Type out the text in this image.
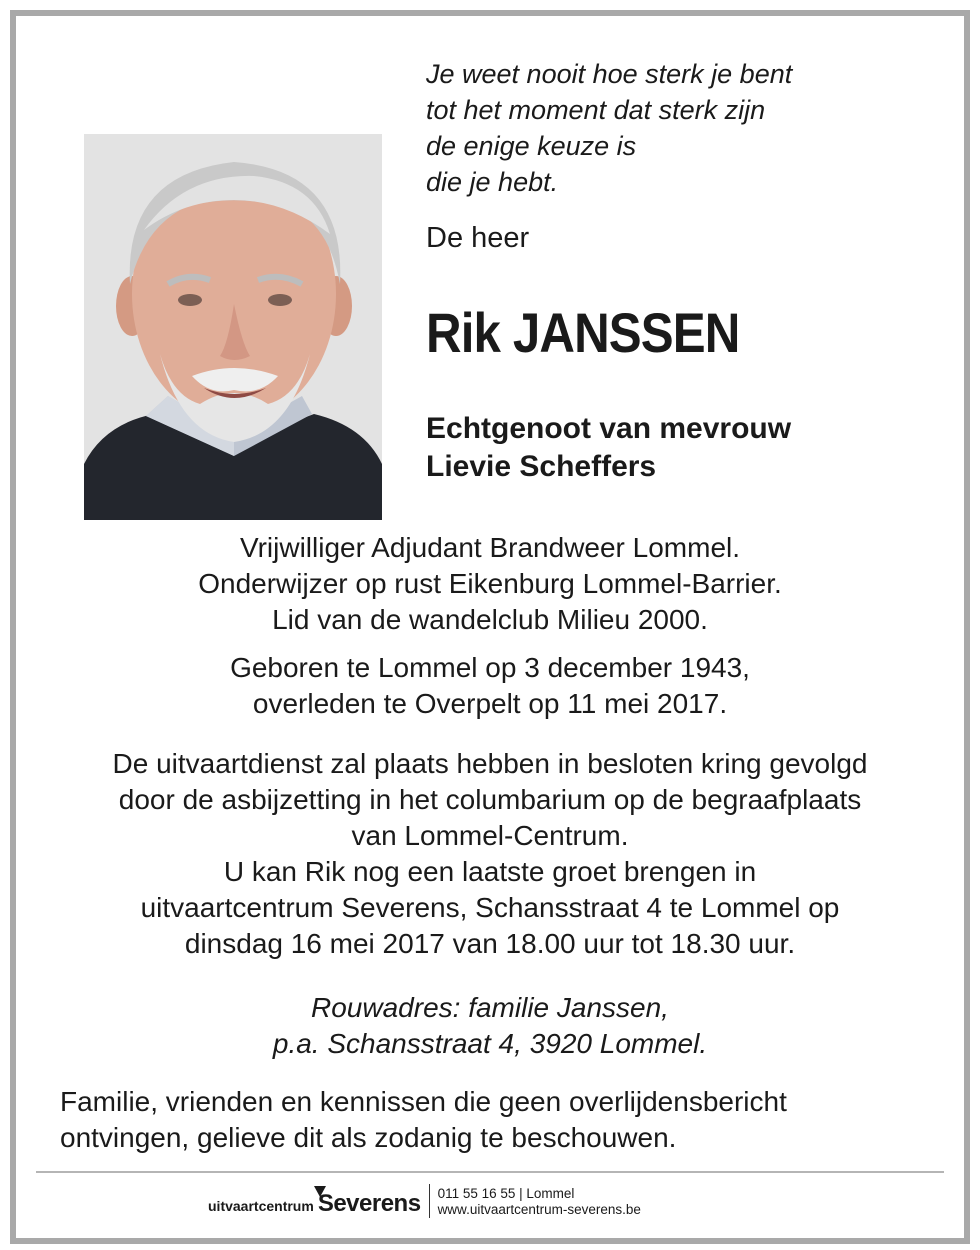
Je weet nooit hoe sterk je bent
tot het moment dat sterk zijn
de enige keuze is
die je hebt.
De heer
Rik JANSSEN
Echtgenoot van mevrouw
Lievie Scheffers
Vrijwilliger Adjudant Brandweer Lommel.
Onderwijzer op rust Eikenburg Lommel-Barrier.
Lid van de wandelclub Milieu 2000.
Geboren te Lommel op 3 december 1943,
overleden te Overpelt op 11 mei 2017.
De uitvaartdienst zal plaats hebben in besloten kring gevolgd
door de asbijzetting in het columbarium op de begraafplaats
van Lommel-Centrum.
U kan Rik nog een laatste groet brengen in
uitvaartcentrum Severens, Schansstraat 4 te Lommel op
dinsdag 16 mei 2017 van 18.00 uur tot 18.30 uur.
Rouwadres: familie Janssen,
p.a. Schansstraat 4, 3920 Lommel.
Familie, vrienden en kennissen die geen overlijdensbericht
ontvingen, gelieve dit als zodanig te beschouwen.
uitvaartcentrum Severens 011 55 16 55 | Lommel
www.uitvaartcentrum-severens.be
